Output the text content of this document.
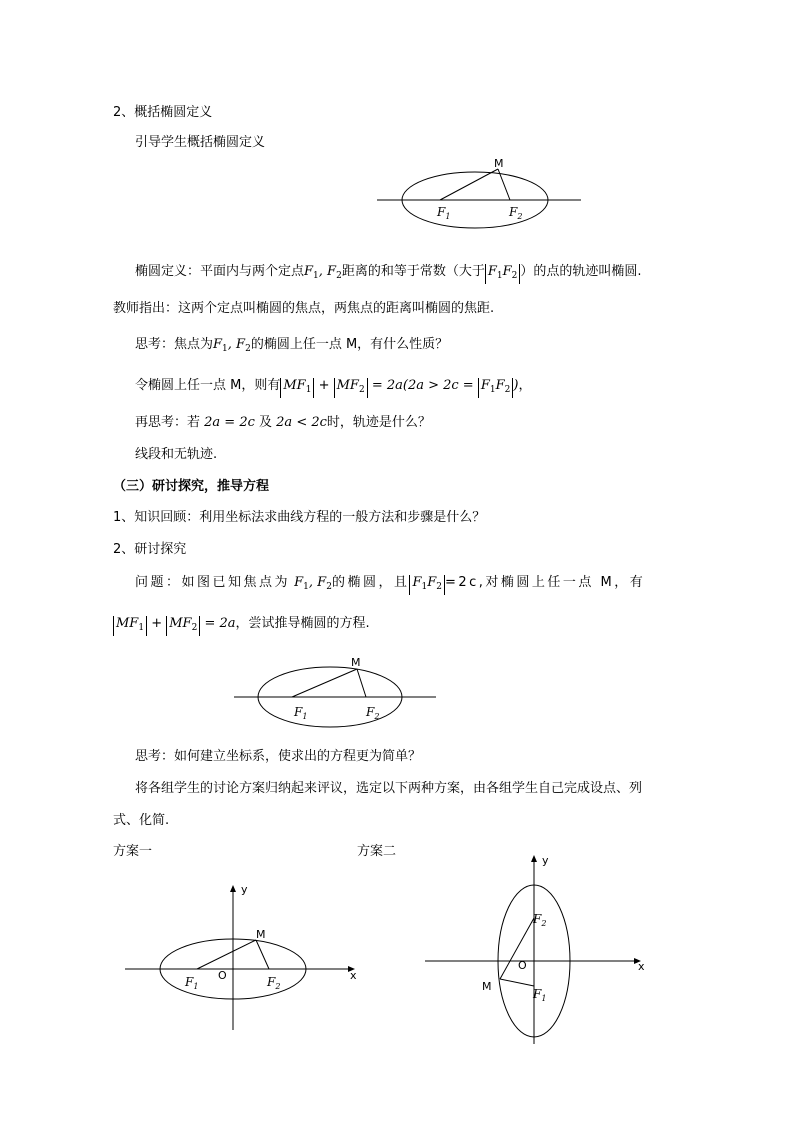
2、概括椭圆定义
引导学生概括椭圆定义
M
$F_1$	$F_2$
椭圆定义：平面内与两个定点$F_1$, $F_2$距离的和等于常数（大于 $F_1F_2$ ）的点的轨迹叫椭圆.
教师指出：这两个定点叫椭圆的焦点，两焦点的距离叫椭圆的焦距.
思考：焦点为$F_1$, $F_2$的椭圆上任一点 M，有什么性质？
令椭圆上任一点 M，则有 $MF_1 + MF_2 = 2a(2a > 2c = F_1F_2$ )，
再思考：若 2a = 2c 及 2a < 2c时，轨迹是什么？
线段和无轨迹.
（三）研讨探究，推导方程
1、知识回顾：利用坐标法求曲线方程的一般方法和步骤是什么？
2、研讨探究
问题：如图已知焦点为 $F_1$, $F_2$的椭圆，且 $F_1F_2 =2c$,对椭圆上任一点 M，有
$MF_1 + MF_2 = 2a$，尝试推导椭圆的方程.
M
$F_1$	$F_2$
思考：如何建立坐标系，使求出的方程更为简单？
将各组学生的讨论方案归纳起来评议，选定以下两种方案，由各组学生自己完成设点、列
式、化简.
方案一	方案二
y
x
O
M
$F_1$	$F_2$
y
x
O
M
$F_2$
$F_1$
